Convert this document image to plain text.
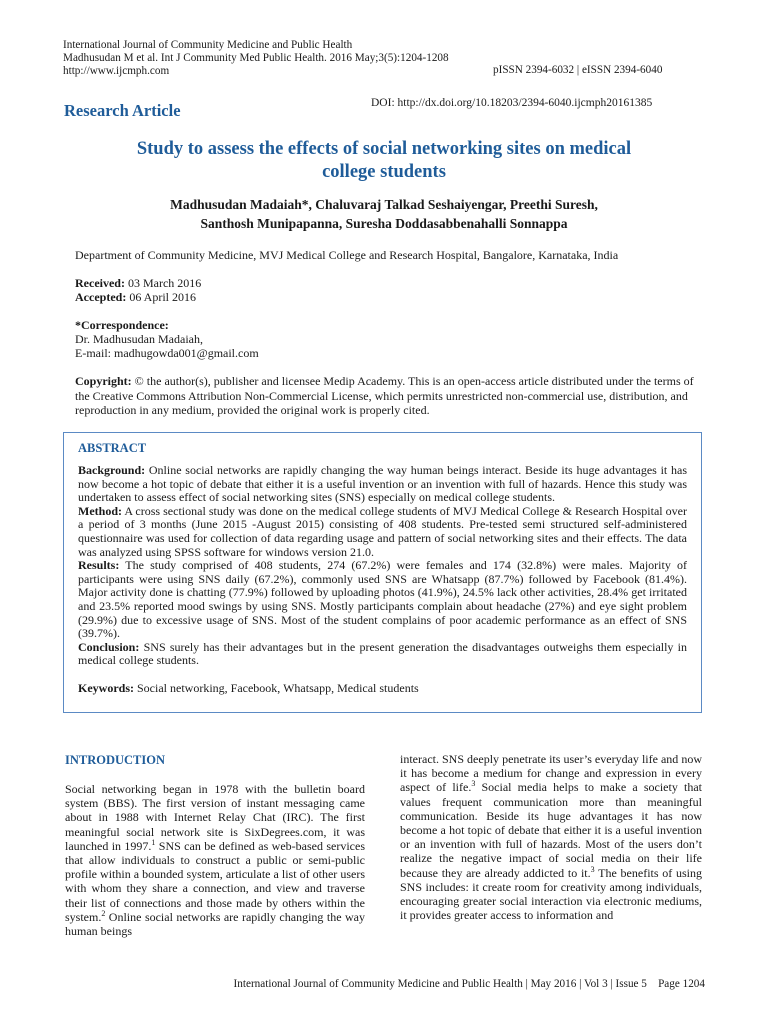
International Journal of Community Medicine and Public Health
Madhusudan M et al. Int J Community Med Public Health. 2016 May;3(5):1204-1208
http://www.ijcmph.com	pISSN 2394-6032 | eISSN 2394-6040
Research Article	DOI: http://dx.doi.org/10.18203/2394-6040.ijcmph20161385
Study to assess the effects of social networking sites on medical
college students
Madhusudan Madaiah*, Chaluvaraj Talkad Seshaiyengar, Preethi Suresh,
Santhosh Munipapanna, Suresha Doddasabbenahalli Sonnappa
Department of Community Medicine, MVJ Medical College and Research Hospital, Bangalore, Karnataka, India
Received: 03 March 2016
Accepted: 06 April 2016
*Correspondence:
Dr. Madhusudan Madaiah,
E-mail: madhugowda001@gmail.com
Copyright: © the author(s), publisher and licensee Medip Academy. This is an open-access article distributed under the terms of the Creative Commons Attribution Non-Commercial License, which permits unrestricted non-commercial use, distribution, and reproduction in any medium, provided the original work is properly cited.
ABSTRACT

Background: Online social networks are rapidly changing the way human beings interact. Beside its huge advantages it has now become a hot topic of debate that either it is a useful invention or an invention with full of hazards. Hence this study was undertaken to assess effect of social networking sites (SNS) especially on medical college students.

Method: A cross sectional study was done on the medical college students of MVJ Medical College & Research Hospital over a period of 3 months (June 2015 -August 2015) consisting of 408 students. Pre-tested semi structured self-administered questionnaire was used for collection of data regarding usage and pattern of social networking sites and their effects. The data was analyzed using SPSS software for windows version 21.0.

Results: The study comprised of 408 students, 274 (67.2%) were females and 174 (32.8%) were males. Majority of participants were using SNS daily (67.2%), commonly used SNS are Whatsapp (87.7%) followed by Facebook (81.4%). Major activity done is chatting (77.9%) followed by uploading photos (41.9%), 24.5% lack other activities, 28.4% get irritated and 23.5% reported mood swings by using SNS. Mostly participants complain about headache (27%) and eye sight problem (29.9%) due to excessive usage of SNS. Most of the student complains of poor academic performance as an effect of SNS (39.7%).

Conclusion: SNS surely has their advantages but in the present generation the disadvantages outweighs them especially in medical college students.

Keywords: Social networking, Facebook, Whatsapp, Medical students

INTRODUCTION

Social networking began in 1978 with the bulletin board system (BBS). The first version of instant messaging came about in 1988 with Internet Relay Chat (IRC). The first meaningful social network site is SixDegrees.com, it was launched in 1997.$^1$ SNS can be defined as web-based services that allow individuals to construct a public or semi-public profile within a bounded system, articulate a list of other users with whom they share a connection, and view and traverse their list of connections and those made by others within the system.$^2$ Online social networks are rapidly changing the way human beings

interact. SNS deeply penetrate its user’s everyday life and now it has become a medium for change and expression in every aspect of life.$^3$ Social media helps to make a society that values frequent communication more than meaningful communication. Beside its huge advantages it has now become a hot topic of debate that either it is a useful invention or an invention with full of hazards. Most of the users don’t realize the negative impact of social media on their life because they are already addicted to it.$^3$ The benefits of using SNS includes: it create room for creativity among individuals, encouraging greater social interaction via electronic mediums, it provides greater access to information and

International Journal of Community Medicine and Public Health | May 2016 | Vol 3 | Issue 5    Page 1204
